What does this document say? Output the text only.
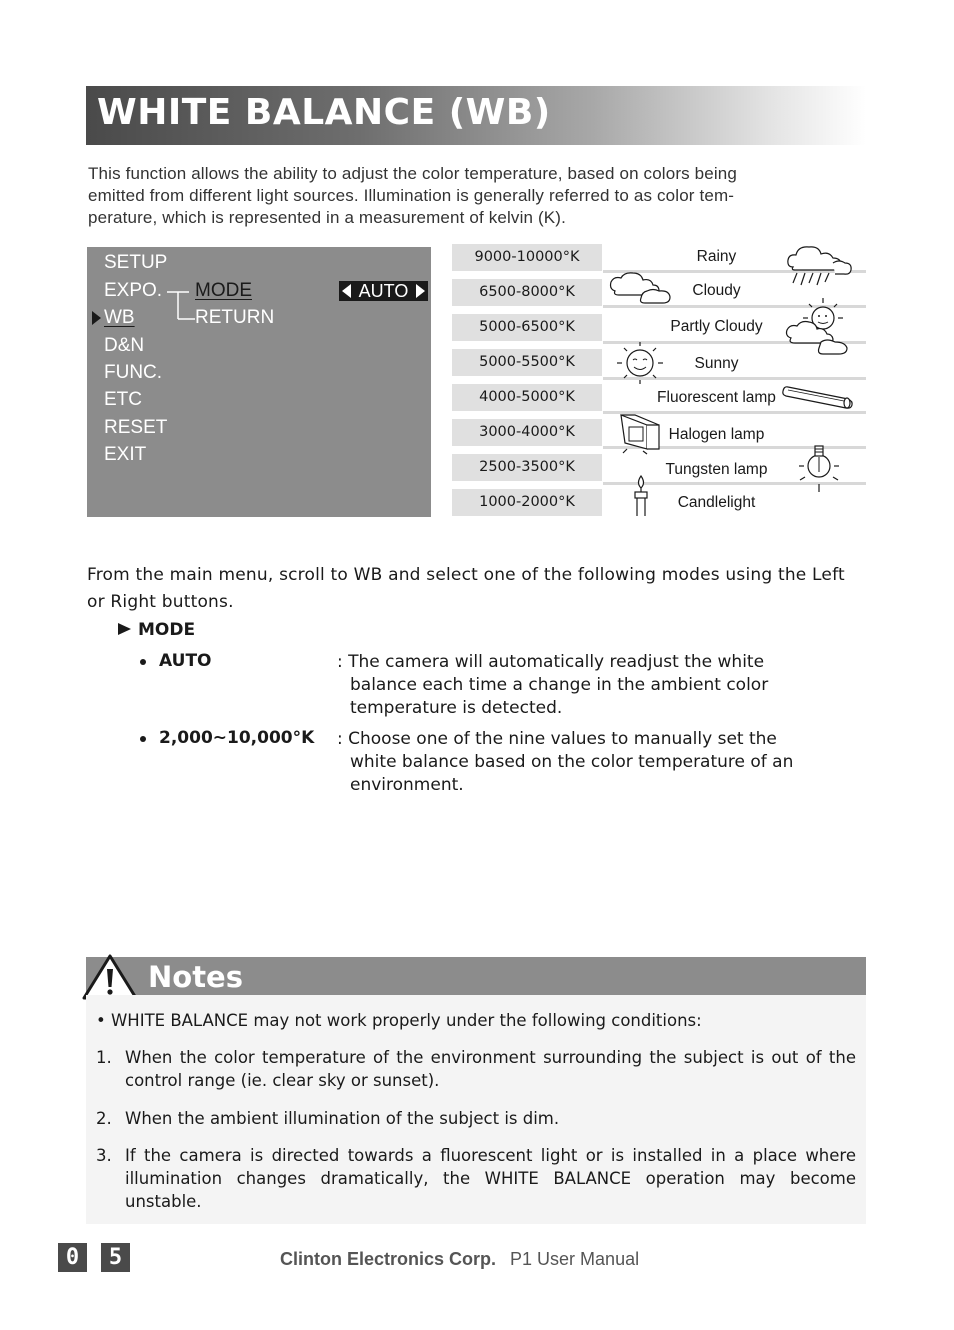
WHITE BALANCE (WB)
This function allows the ability to adjust the color temperature, based on colors being
emitted from different light sources. Illumination is generally referred to as color tem-
perature, which is represented in a measurement of kelvin (K).
SETUP
EXPO.
WB
D&N
FUNC.
ETC
RESET
EXIT
MODE
RETURN
AUTO
9000-10000°K	Rainy
6500-8000°K	Cloudy
5000-6500°K	Partly Cloudy
5000-5500°K	Sunny
4000-5000°K	Fluorescent lamp
3000-4000°K	Halogen lamp
2500-3500°K	Tungsten lamp
1000-2000°K	Candlelight
From the main menu, scroll to WB and select one of the following modes using the Left or Right buttons.
MODE
AUTO	: The camera will automatically readjust the white
balance each time a change in the ambient color
temperature is detected.
2,000~10,000°K : Choose one of the nine values to manually set the
white balance based on the color temperature of an
environment.
Notes
• WHITE BALANCE may not work properly under the following conditions:
1. When the color temperature of the environment surrounding the subject is out of the control range (ie. clear sky or sunset).
2. When the ambient illumination of the subject is dim.
3. If the camera is directed towards a fluorescent light or is installed in a place where illumination changes dramatically, the WHITE BALANCE operation may become unstable.
0	5	Clinton Electronics Corp. P1 User Manual
